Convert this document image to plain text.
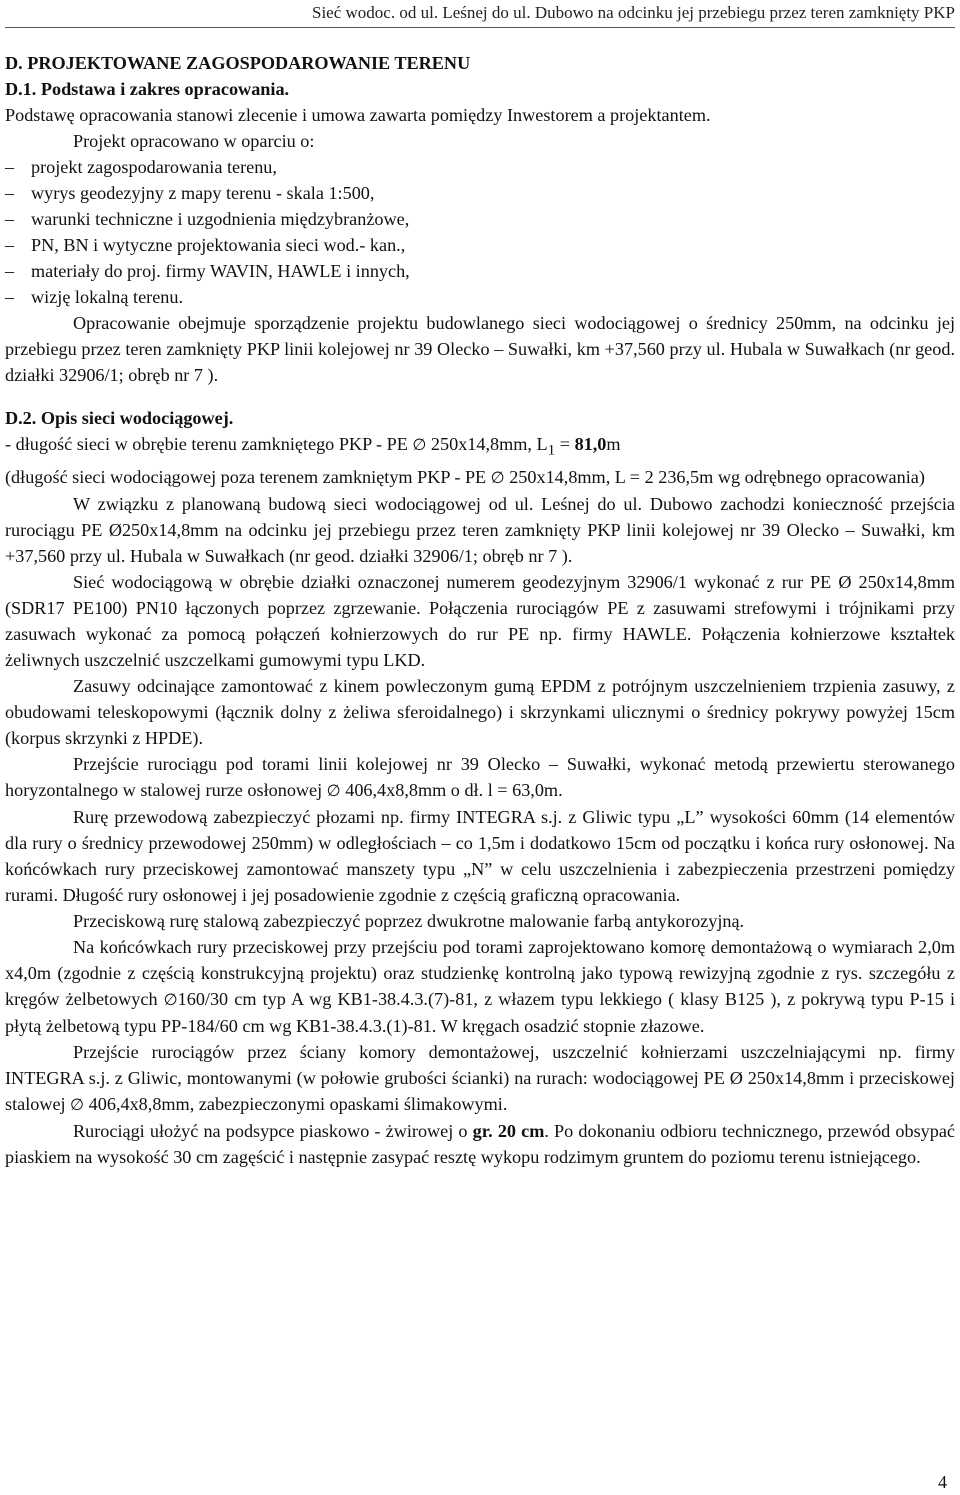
Sieć wodoc. od ul. Leśnej do ul. Dubowo na odcinku jej przebiegu przez teren zamknięty PKP

D. PROJEKTOWANE ZAGOSPODAROWANIE TERENU

D.1. Podstawa i zakres opracowania.

Podstawę opracowania stanowi zlecenie i umowa zawarta pomiędzy Inwestorem a projektantem.

Projekt opracowano w oparciu o:

– projekt zagospodarowania terenu,
– wyrys geodezyjny z mapy terenu - skala 1:500,
– warunki techniczne i uzgodnienia międzybranżowe,
– PN, BN i wytyczne projektowania sieci wod.- kan.,
– materiały do proj. firmy WAVIN, HAWLE i innych,
– wizję lokalną terenu.

Opracowanie obejmuje sporządzenie projektu budowlanego sieci wodociągowej o średnicy 250mm, na odcinku jej przebiegu przez teren zamknięty PKP linii kolejowej nr 39 Olecko – Suwałki, km +37,560 przy ul. Hubala w Suwałkach (nr geod. działki 32906/1; obręb nr 7 ).

D.2. Opis sieci wodociągowej.

- długość sieci w obrębie terenu zamkniętego PKP - PE ∅ 250x14,8mm, $L_1 = 81,0m$

(długość sieci wodociągowej poza terenem zamkniętym PKP - PE ∅ 250x14,8mm, L = 2 236,5m wg odrębnego opracowania)

W związku z planowaną budową sieci wodociągowej od ul. Leśnej do ul. Dubowo zachodzi konieczność przejścia rurociągu PE Ø250x14,8mm na odcinku jej przebiegu przez teren zamknięty PKP linii kolejowej nr 39 Olecko – Suwałki, km +37,560 przy ul. Hubala w Suwałkach (nr geod. działki 32906/1; obręb nr 7 ).

Sieć wodociągową w obrębie działki oznaczonej numerem geodezyjnym 32906/1 wykonać z rur PE Ø 250x14,8mm (SDR17 PE100) PN10 łączonych poprzez zgrzewanie. Połączenia rurociągów PE z zasuwami strefowymi i trójnikami przy zasuwach wykonać za pomocą połączeń kołnierzowych do rur PE np. firmy HAWLE. Połączenia kołnierzowe kształtek żeliwnych uszczelnić uszczelkami gumowymi typu LKD.

Zasuwy odcinające zamontować z kinem powleczonym gumą EPDM z potrójnym uszczelnieniem trzpienia zasuwy, z obudowami teleskopowymi (łącznik dolny z żeliwa sferoidalnego) i skrzynkami ulicznymi o średnicy pokrywy powyżej 15cm (korpus skrzynki z HPDE).

Przejście rurociągu pod torami linii kolejowej nr 39 Olecko – Suwałki, wykonać metodą przewiertu sterowanego horyzontalnego w stalowej rurze osłonowej ∅ 406,4x8,8mm o dł. l = 63,0m.

Rurę przewodową zabezpieczyć płozami np. firmy INTEGRA s.j. z Gliwic typu „L” wysokości 60mm (14 elementów dla rury o średnicy przewodowej 250mm) w odległościach – co 1,5m i dodatkowo 15cm od początku i końca rury osłonowej. Na końcówkach rury przeciskowej zamontować manszety typu „N” w celu uszczelnienia i zabezpieczenia przestrzeni pomiędzy rurami. Długość rury osłonowej i jej posadowienie zgodnie z częścią graficzną opracowania.

Przeciskową rurę stalową zabezpieczyć poprzez dwukrotne malowanie farbą antykorozyjną.

Na końcówkach rury przeciskowej przy przejściu pod torami zaprojektowano komorę demontażową o wymiarach 2,0m x4,0m (zgodnie z częścią konstrukcyjną projektu) oraz studzienkę kontrolną jako typową rewizyjną zgodnie z rys. szczegółu z kręgów żelbetowych ∅160/30 cm typ A wg KB1-38.4.3.(7)-81, z włazem typu lekkiego ( klasy B125 ), z pokrywą typu P-15 i płytą żelbetową typu PP-184/60 cm wg KB1-38.4.3.(1)-81. W kręgach osadzić stopnie złazowe.

Przejście rurociągów przez ściany komory demontażowej, uszczelnić kołnierzami uszczelniającymi np. firmy INTEGRA s.j. z Gliwic, montowanymi (w połowie grubości ścianki) na rurach: wodociągowej PE Ø 250x14,8mm i przeciskowej stalowej ∅ 406,4x8,8mm, zabezpieczonymi opaskami ślimakowymi.

Rurociągi ułożyć na podsypce piaskowo - żwirowej o gr. 20 cm. Po dokonaniu odbioru technicznego, przewód obsypać piaskiem na wysokość 30 cm zagęścić i następnie zasypać resztę wykopu rodzimym gruntem do poziomu terenu istniejącego.

4
